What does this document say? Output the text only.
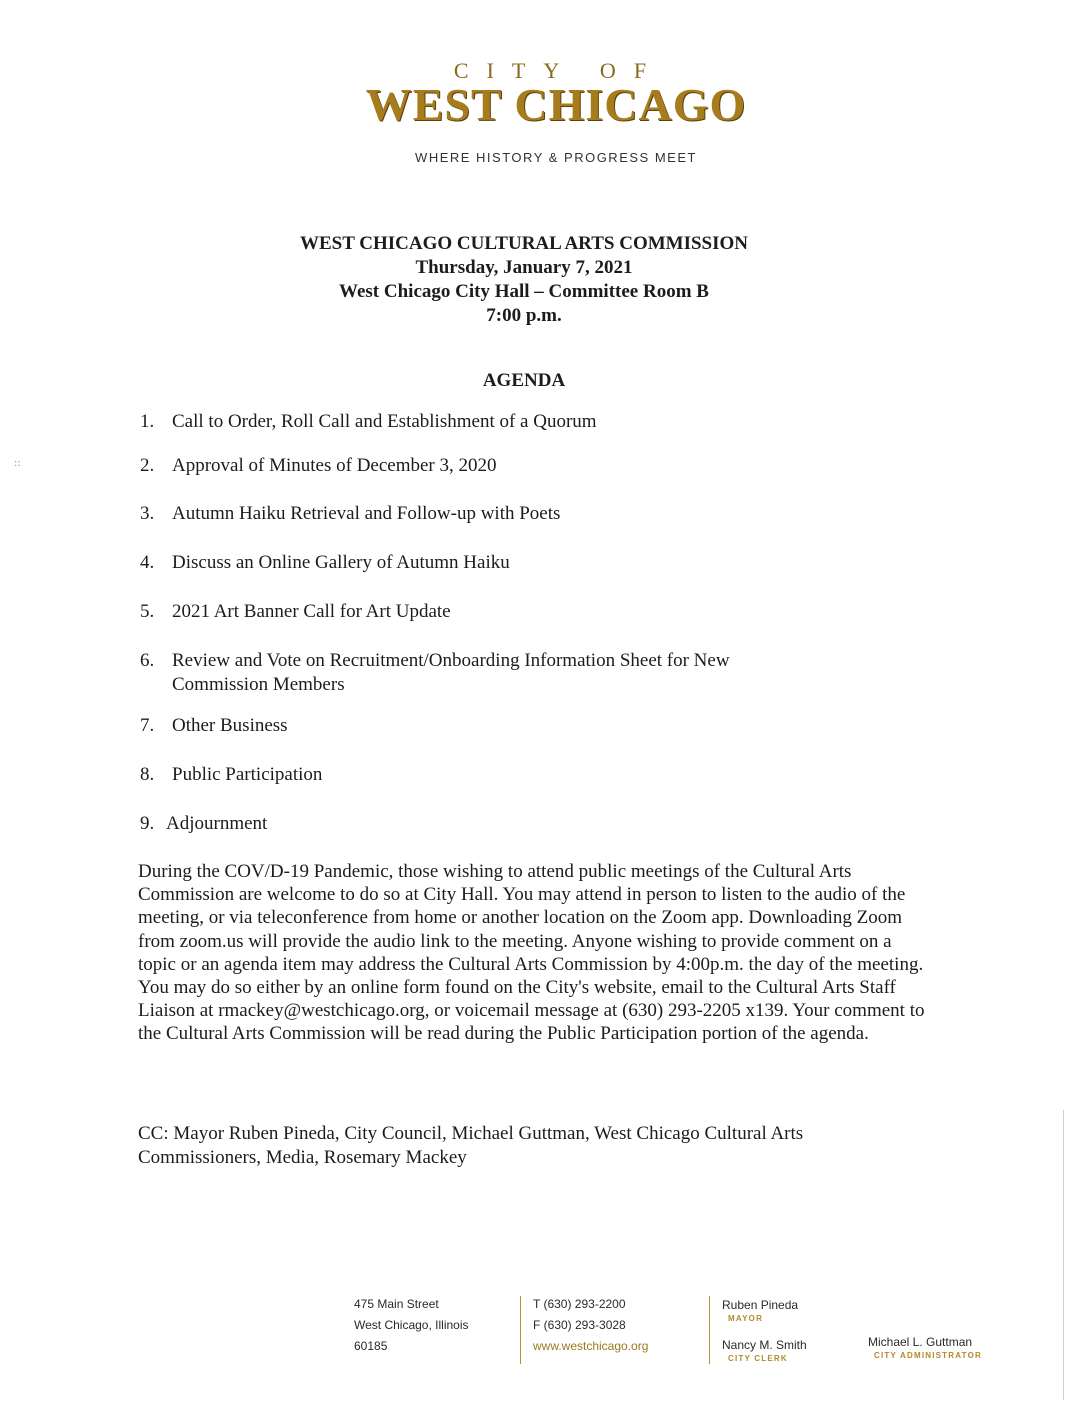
CITY OF
WEST CHICAGO
WHERE HISTORY & PROGRESS MEET
WEST CHICAGO CULTURAL ARTS COMMISSION
Thursday, January 7, 2021
West Chicago City Hall – Committee Room B
7:00 p.m.
AGENDA
::
1. Call to Order, Roll Call and Establishment of a Quorum
2. Approval of Minutes of December 3, 2020
3. Autumn Haiku Retrieval and Follow-up with Poets
4. Discuss an Online Gallery of Autumn Haiku
5. 2021 Art Banner Call for Art Update
6. Review and Vote on Recruitment/Onboarding Information Sheet for New Commission Members
7. Other Business
8. Public Participation
9. Adjournment

During the COV/D-19 Pandemic, those wishing to attend public meetings of the Cultural Arts Commission are welcome to do so at City Hall. You may attend in person to listen to the audio of the meeting, or via teleconference from home or another location on the Zoom app. Downloading Zoom from zoom.us will provide the audio link to the meeting. Anyone wishing to provide comment on a topic or an agenda item may address the Cultural Arts Commission by 4:00p.m. the day of the meeting. You may do so either by an online form found on the City's website, email to the Cultural Arts Staff Liaison at rmackey@westchicago.org, or voicemail message at (630) 293-2205 x139. Your comment to the Cultural Arts Commission will be read during the Public Participation portion of the agenda.

CC: Mayor Ruben Pineda, City Council, Michael Guttman, West Chicago Cultural Arts Commissioners, Media, Rosemary Mackey

475 Main Street
West Chicago, Illinois
60185
T (630) 293-2200
F (630) 293-3028
www.westchicago.org
Ruben Pineda
MAYOR
Nancy M. Smith
CITY CLERK
Michael L. Guttman
CITY ADMINISTRATOR
